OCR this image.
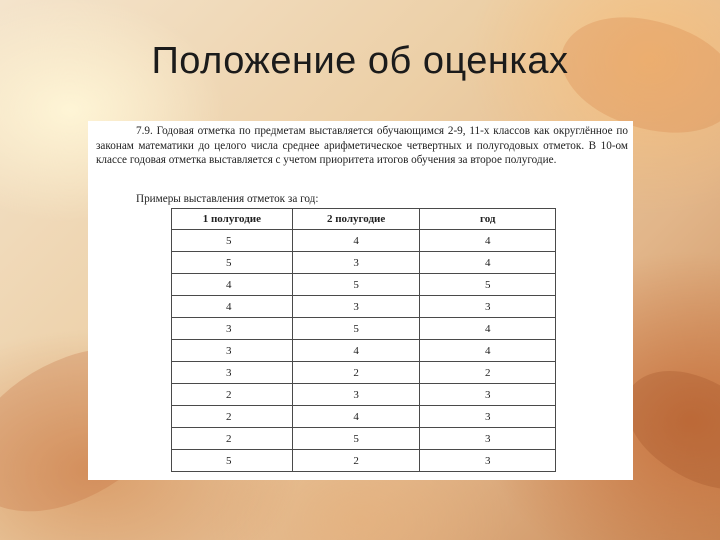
Положение об оценках
7.9. Годовая отметка по предметам выставляется обучающимся 2-9, 11-х классов как округлённое по законам математики до целого числа среднее арифметическое четвертных и полугодовых отметок. В 10-ом классе годовая отметка выставляется с учетом приоритета итогов обучения за второе полугодие.
Примеры выставления отметок за год:
1 полугодие	2 полугодие	год
5	4	4
5	3	4
4	5	5
4	3	3
3	5	4
3	4	4
3	2	2
2	3	3
2	4	3
2	5	3
5	2	3
